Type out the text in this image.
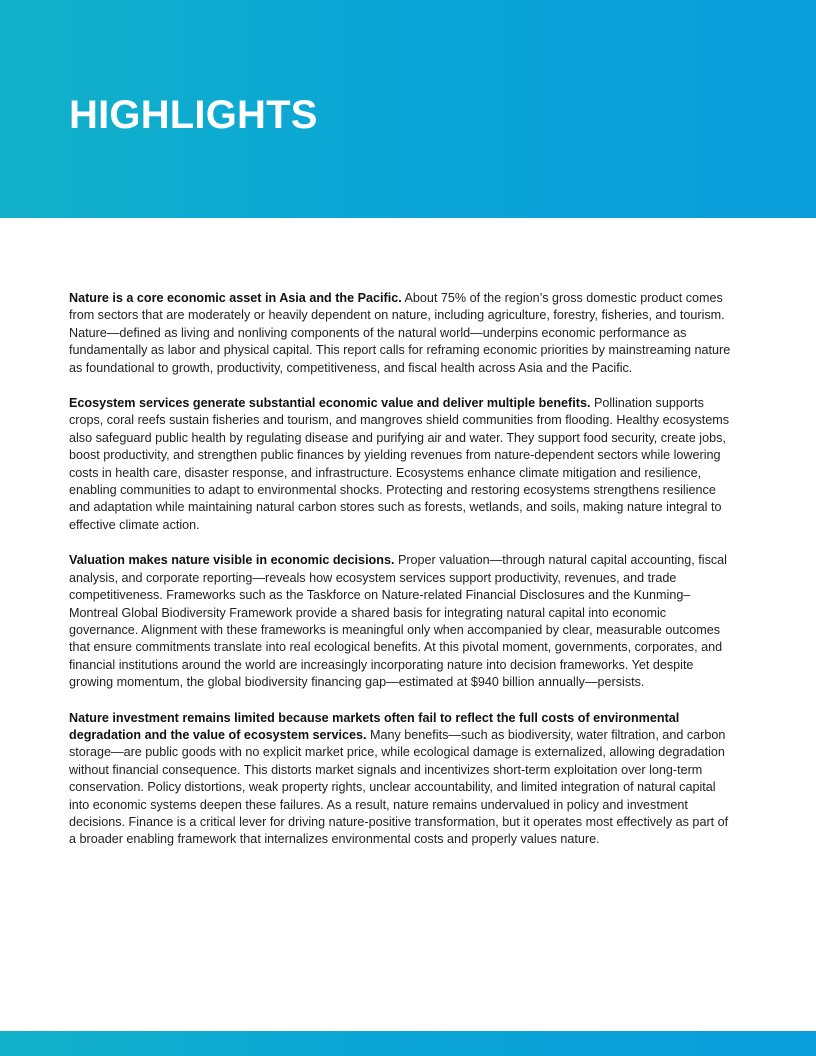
HIGHLIGHTS

Nature is a core economic asset in Asia and the Pacific. About 75% of the region’s gross domestic product comes from sectors that are moderately or heavily dependent on nature, including agriculture, forestry, fisheries, and tourism. Nature—defined as living and nonliving components of the natural world—underpins economic performance as fundamentally as labor and physical capital. This report calls for reframing economic priorities by mainstreaming nature as foundational to growth, productivity, competitiveness, and fiscal health across Asia and the Pacific.

Ecosystem services generate substantial economic value and deliver multiple benefits. Pollination supports crops, coral reefs sustain fisheries and tourism, and mangroves shield communities from flooding. Healthy ecosystems also safeguard public health by regulating disease and purifying air and water. They support food security, create jobs, boost productivity, and strengthen public finances by yielding revenues from nature-dependent sectors while lowering costs in health care, disaster response, and infrastructure. Ecosystems enhance climate mitigation and resilience, enabling communities to adapt to environmental shocks. Protecting and restoring ecosystems strengthens resilience and adaptation while maintaining natural carbon stores such as forests, wetlands, and soils, making nature integral to effective climate action.

Valuation makes nature visible in economic decisions. Proper valuation—through natural capital accounting, fiscal analysis, and corporate reporting—reveals how ecosystem services support productivity, revenues, and trade competitiveness. Frameworks such as the Taskforce on Nature-related Financial Disclosures and the Kunming–Montreal Global Biodiversity Framework provide a shared basis for integrating natural capital into economic governance. Alignment with these frameworks is meaningful only when accompanied by clear, measurable outcomes that ensure commitments translate into real ecological benefits. At this pivotal moment, governments, corporates, and financial institutions around the world are increasingly incorporating nature into decision frameworks. Yet despite growing momentum, the global biodiversity financing gap—estimated at $940 billion annually—persists.

Nature investment remains limited because markets often fail to reflect the full costs of environmental degradation and the value of ecosystem services. Many benefits—such as biodiversity, water filtration, and carbon storage—are public goods with no explicit market price, while ecological damage is externalized, allowing degradation without financial consequence. This distorts market signals and incentivizes short-term exploitation over long-term conservation. Policy distortions, weak property rights, unclear accountability, and limited integration of natural capital into economic systems deepen these failures. As a result, nature remains undervalued in policy and investment decisions. Finance is a critical lever for driving nature-positive transformation, but it operates most effectively as part of a broader enabling framework that internalizes environmental costs and properly values nature.
